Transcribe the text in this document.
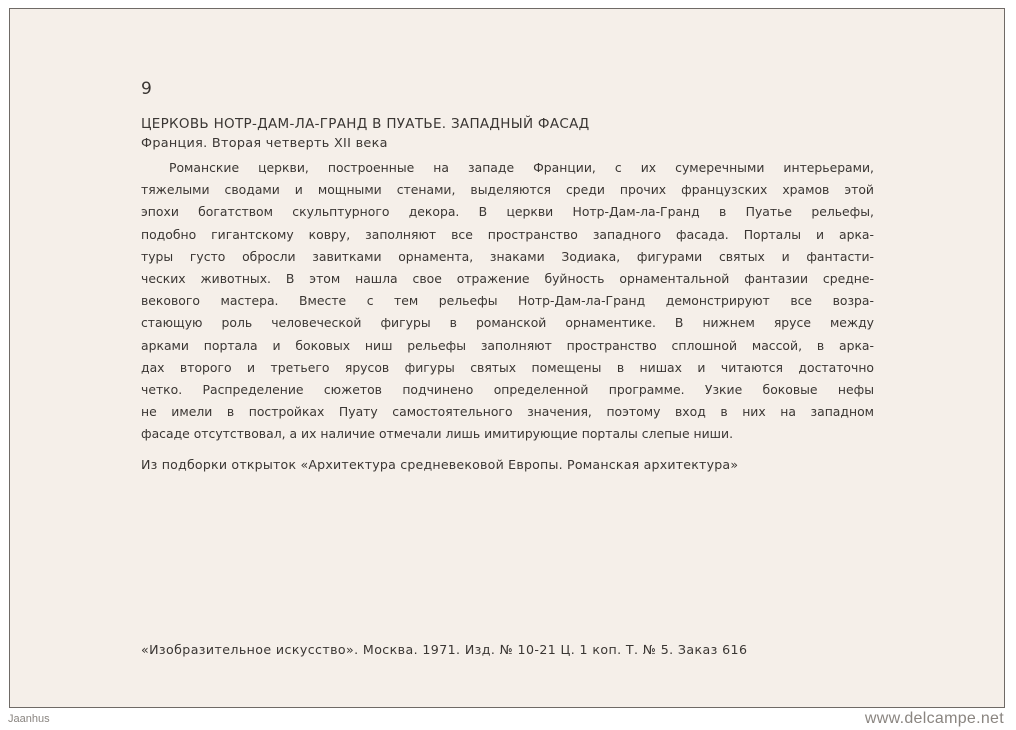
9
ЦЕРКОВЬ НОТР-ДАМ-ЛА-ГРАНД В ПУАТЬЕ. ЗАПАДНЫЙ ФАСАД
Франция. Вторая четверть XII века
Романские церкви, построенные на западе Франции, с их сумеречными интерьерами,
тяжелыми сводами и мощными стенами, выделяются среди прочих французских храмов этой
эпохи богатством скульптурного декора. В церкви Нотр-Дам-ла-Гранд в Пуатье рельефы,
подобно гигантскому ковру, заполняют все пространство западного фасада. Порталы и арка-
туры густо обросли завитками орнамента, знаками Зодиака, фигурами святых и фантасти-
ческих животных. В этом нашла свое отражение буйность орнаментальной фантазии средне-
векового мастера. Вместе с тем рельефы Нотр-Дам-ла-Гранд демонстрируют все возра-
стающую роль человеческой фигуры в романской орнаментике. В нижнем ярусе между
арками портала и боковых ниш рельефы заполняют пространство сплошной массой, в арка-
дах второго и третьего ярусов фигуры святых помещены в нишах и читаются достаточно
четко. Распределение сюжетов подчинено определенной программе. Узкие боковые нефы
не имели в постройках Пуату самостоятельного значения, поэтому вход в них на западном
фасаде отсутствовал, а их наличие отмечали лишь имитирующие порталы слепые ниши.
Из подборки открыток «Архитектура средневековой Европы. Романская архитектура»
«Изобразительное искусство». Москва. 1971. Изд. № 10-21 Ц. 1 коп. Т. № 5. Заказ 616
Jaanhus	www.delcampe.net
